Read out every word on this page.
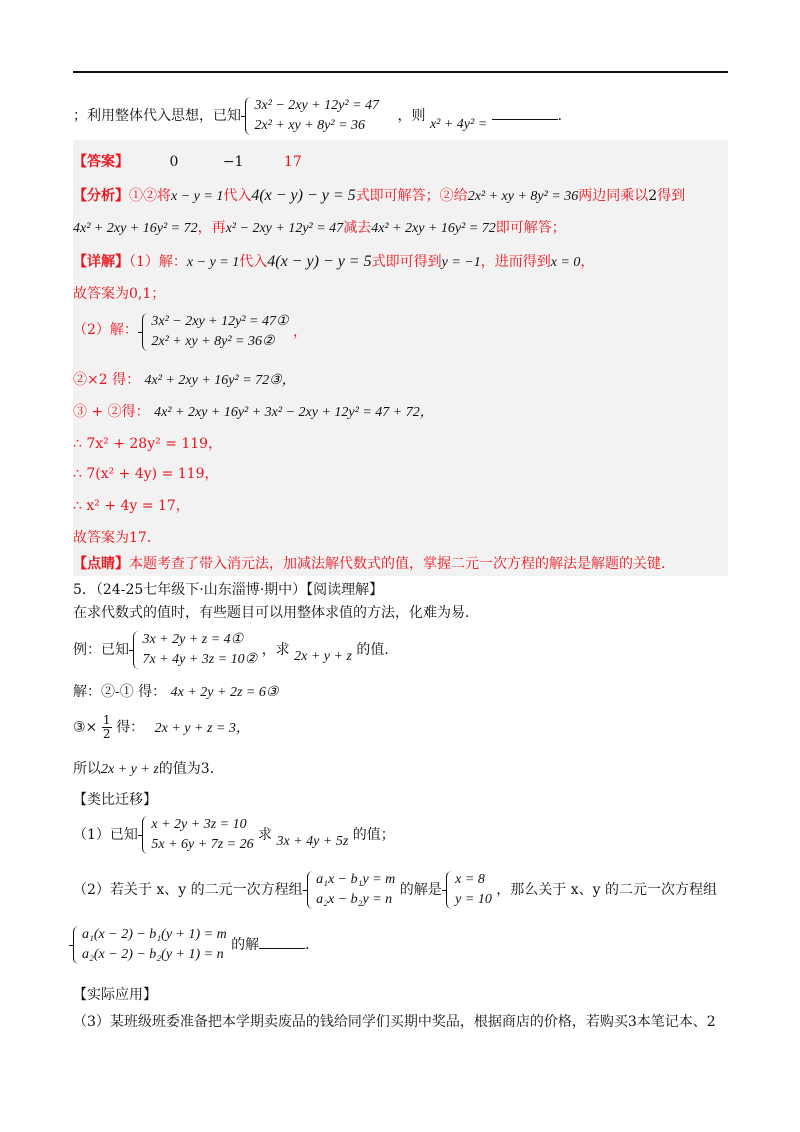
；利用整体代入思想，已知
3x² − 2xy + 12y² = 47
2x² + xy + 8y² = 36
，则 x² + 4y² = ．
【答案】	0	−1	17
【分析】①②将x − y = 1代入4(x − y) − y = 5式即可解答；②给2x² + xy + 8y² = 36两边同乘以2得到
4x² + 2xy + 16y² = 72，再x² − 2xy + 12y² = 47减去4x² + 2xy + 16y² = 72即可解答；
【详解】（1）解：x − y = 1代入4(x − y) − y = 5式即可得到y = −1，进而得到x = 0，
故答案为0,1；
（2）解：
3x² − 2xy + 12y² = 47①
2x² + xy + 8y² = 36②
，
②×2 得： 4x² + 2xy + 16y² = 72③，
③ + ②得： 4x² + 2xy + 16y² + 3x² − 2xy + 12y² = 47 + 72，
∴ 7x² + 28y² = 119，
∴ 7(x² + 4y) = 119，
∴ x² + 4y = 17，
故答案为17．
【点睛】本题考查了带入消元法，加减法解代数式的值，掌握二元一次方程的解法是解题的关键．
5．（24-25七年级下·山东淄博·期中）【阅读理解】
在求代数式的值时，有些题目可以用整体求值的方法，化难为易．
例：已知
3x + 2y + z = 4①
7x + 4y + 3z = 10②
，求 2x + y + z 的值．
解：②-① 得： 4x + 2y + 2z = 6③
③× $\frac{1}{2}$ 得： 2x + y + z = 3，
所以2x + y + z的值为3．
【类比迁移】
（1）已知
x + 2y + 3z = 10
5x + 6y + 7z = 26
求 3x + 4y + 5z 的值；
（2）若关于 x、y 的二元一次方程组
a₁x − b₁y = m
a₂x − b₂y = n
的解是
x = 8
y = 10
，那么关于 x、y 的二元一次方程组
a₁(x − 2) − b₁(y + 1) = m
a₂(x − 2) − b₂(y + 1) = n
的解	．
【实际应用】
（3）某班级班委准备把本学期卖废品的钱给同学们买期中奖品，根据商店的价格，若购买3本笔记本、2
